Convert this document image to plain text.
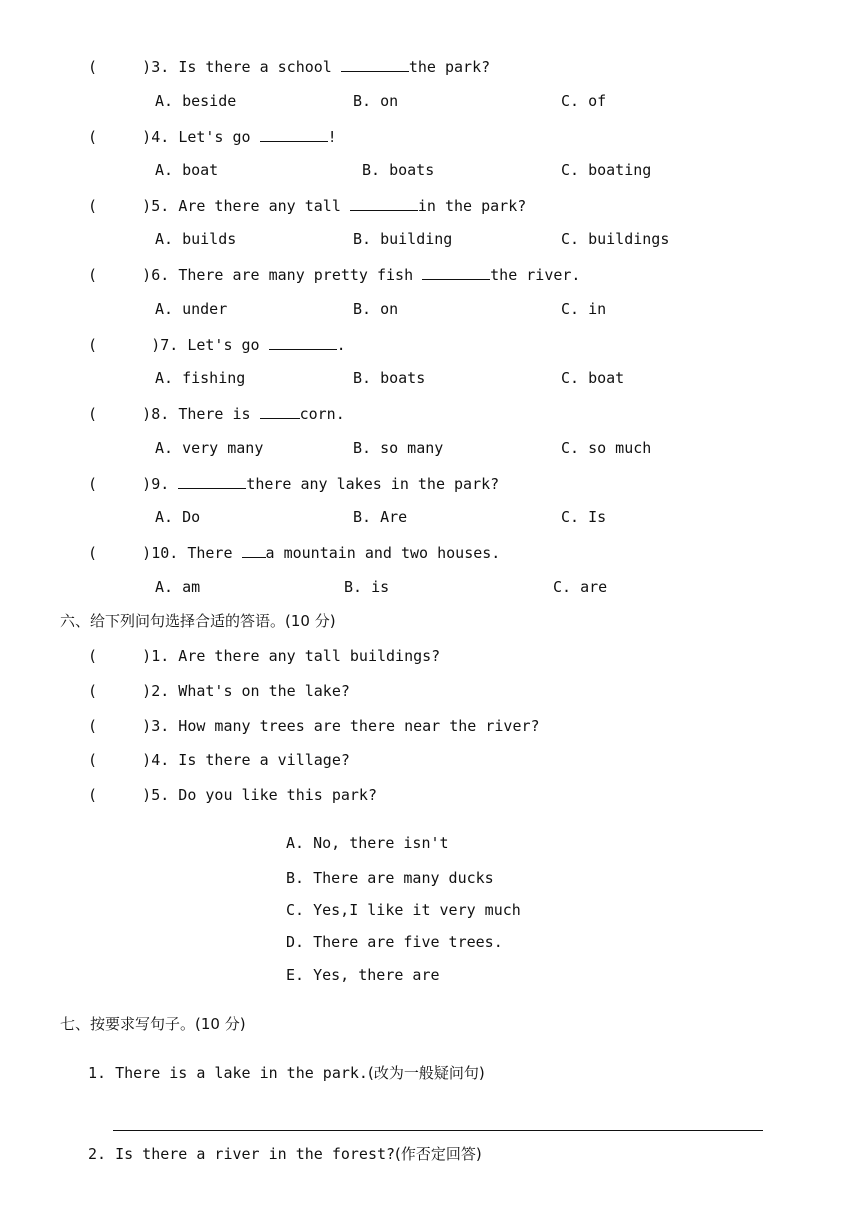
(     )3. Is there a school	the park?
A. beside	B. on	C. of
(     )4. Let's go	!
A. boat	B. boats	C. boating
(     )5. Are there any tall	in the park?
A. builds	B. building	C. buildings
(     )6. There are many pretty fish	the river.
A. under	B. on	C. in
(      )7. Let's go	.
A. fishing	B. boats	C. boat
(     )8. There is	corn.
A. very many	B. so many	C. so much
(     )9.	there any lakes in the park?
A. Do	B. Are	C. Is
(     )10. There a mountain and two houses.
A. am	B. is	C. are
六、给下列问句选择合适的答语。(10 分)
(     )1. Are there any tall buildings?
(     )2. What's on the lake?
(     )3. How many trees are there near the river?
(     )4. Is there a village?
(     )5. Do you like this park?
A. No, there isn't
B. There are many ducks
C. Yes,I like it very much
D. There are five trees.
E. Yes, there are
七、按要求写句子。(10 分)
1. There is a lake in the park.(改为一般疑问句)
2. Is there a river in the forest?(作否定回答)
